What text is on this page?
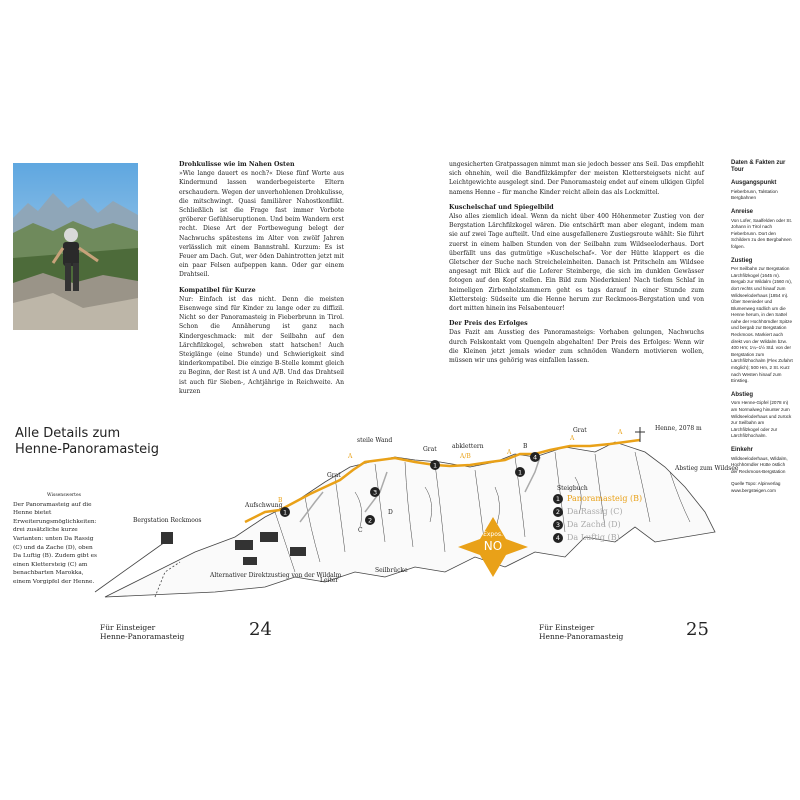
Drohkulisse wie im Nahen Osten

»Wie lange dauert es noch?« Diese fünf Worte aus Kindermund lassen wanderbegeisterte Eltern erschaudern. Wegen der unverhohlenen Drohkulisse, die mitschwingt. Quasi familiärer Nahostkonflikt. Schließlich ist die Frage fast immer Vorbote gröberer Gefühlseruptionen. Und beim Wandern erst recht. Diese Art der Fortbewegung belegt der Nachwuchs spätestens im Alter von zwölf Jahren verlässlich mit einem Bannstrahl. Kurzum: Es ist Feuer am Dach. Gut, wer öden Dahintrotten jetzt mit ein paar Felsen aufpeppen kann. Oder gar einem Drahtseil.

Kompatibel für Kurze

Nur: Einfach ist das nicht. Denn die meisten Eisenwege sind für Kinder zu lange oder zu diffizil. Nicht so der Panoramasteig in Fieberbrunn in Tirol. Schon die Annäherung ist ganz nach Kindergeschmack: mit der Seilbahn auf den Lärchfilzkogel, schweben statt hatschen! Auch Steiglänge (eine Stunde) und Schwierigkeit sind kinderkompatibel. Die einzige B-Stelle kommt gleich zu Beginn, der Rest ist A und A/B. Und das Drahtseil ist auch für Sieben-, Achtjährige in Reichweite. An kurzen

ungesicherten Gratpassagen nimmt man sie jedoch besser ans Seil. Das empfiehlt sich ohnehin, weil die Bandfilzkämpfer der meisten Klettersteigsets nicht auf Leichtgewichte ausgelegt sind. Der Panoramasteig endet auf einem ulkigen Gipfel namens Henne – für manche Kinder reicht allein das als Lockmittel.

Kuschelschaf und Spiegelbild

Also alles ziemlich ideal. Wenn da nicht über 400 Höhenmeter Zustieg von der Bergstation Lärchfilzkogel wären. Die entschärft man aber elegant, indem man sie auf zwei Tage aufteilt. Und eine ausgefallenere Zustiegsroute wählt: Sie führt zuerst in einem halben Stunden von der Seilbahn zum Wildseeloderhaus. Dort überfällt uns das gutmütige »Kuschelschaf«. Vor der Hütte klappert es die Gletscher der Suche nach Streicheleinheiten. Danach ist Pritscheln am Wildsee angesagt mit Blick auf die Loferer Steinberge, die sich im dunklen Gewässer fotogen auf den Kopf stellen. Ein Bild zum Niederknien! Nach tiefem Schlaf in heimeligen Zirbenholzkammern geht es tags darauf in einer Stunde zum Klettersteig: Südseite um die Henne herum zur Reckmoos-Bergstation und von dort mitten hinein ins Felsabenteuer!

Der Preis des Erfolges

Das Fazit am Ausstieg des Panoramasteigs: Vorhaben gelungen, Nachwuchs durch Felskontakt vom Quengeln abgehalten! Der Preis des Erfolges: Wenn wir die Kleinen jetzt jemals wieder zum schnöden Wandern motivieren wollen, müssen wir uns gehörig was einfallen lassen.

Daten & Fakten zur Tour
Ausgangspunkt

Fieberbrunn, Talstation Bergbahnen

Anreise

Von Lofer, Saalfelden oder St. Johann in Tirol nach Fieberbrunn. Dort den Schildern zu den Bergbahnen folgen.

Zustieg

Per Seilbahn zur Bergstation Lärchfilzkogel (1645 m). Bergab zur Wildalm (1560 m), dort rechts und hinauf zum Wildseeloderhaus (1854 m). Über Seenieder und Blumenweg südlich um die Henne herum, in den Sattel nahe der Hochhörndler Spitze und bergab zur Bergstation Reckmoos. Markiert auch direkt von der Wildalm bzw. 400 Hm; 1¼–1½ Std. von der Bergstation zum Lärchfilzhochalm (Flex Zufahrt möglich); 500 Hm, 2 St. Kurz nach Westen hinauf zum Einstieg.

Abstieg

Vom Henne-Gipfel (2078 m) am Normalweg hinunter zum Wildseeloderhaus und zurück zur Seilbahn am Lärchfilzkogel oder zur Lärchfilzhochalm.

Einkehr

Wildseeloderhaus, Wildalm, Hochhörndler Hütte östlich der Reckmoos-Bergstation

Quelle Topo: Alpinverlag www.bergsteigen.com

Alle Details zum
Henne-Panoramasteig
Wissenswertes
Der Panoramasteig auf die Henne bietet Erweiterungsmöglichkeiten: drei zusätzliche kurze Varianten: unten Da Rassig (C) und da Zache (D), oben Da Luftig (B). Zudem gibt es einen Klettersteig (C) am benachbarten Marokka, einem Vorgipfel der Henne.
1
1
2
3
4
1
B
A	A/B
A
A
A
C
D
B
Bergstation Reckmoos
Aufschwung
Grat
steile Wand
Grat	abklettern
Grat	Henne, 2078 m
Abstieg zum Wildsee
Steigbuch
Leiter
Seilbrücke
Alternativer Direktzustieg von der Wildalm
Expos.
NO
1 Panoramasteig (B)
2 Da Rassig (C)
3 Da Zache (D)
4 Da Luftig (B)
Für Einsteiger
Henne-Panoramasteig	24	Für Einsteiger
Henne-Panoramasteig	25
